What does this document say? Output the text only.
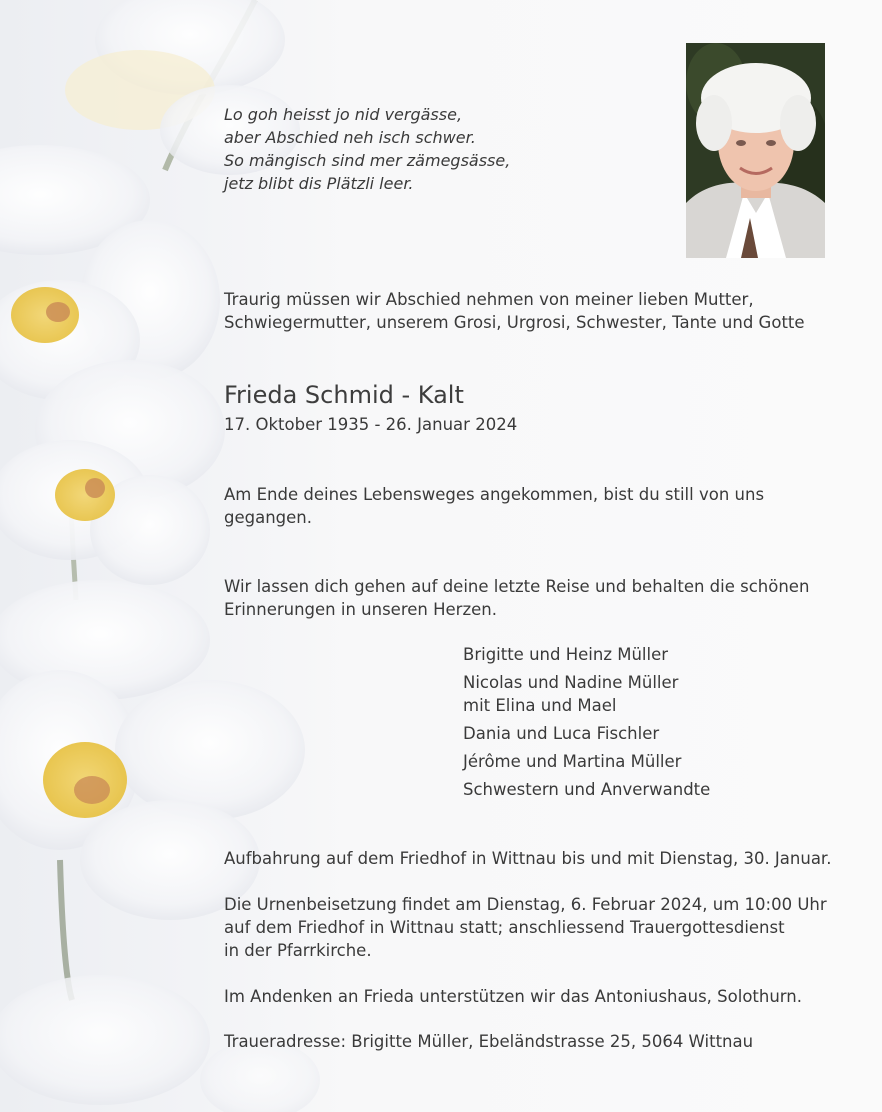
Lo goh heisst jo nid vergässe,
aber Abschied neh isch schwer.
So mängisch sind mer zämegsässe,
jetz blibt dis Plätzli leer.
Traurig müssen wir Abschied nehmen von meiner lieben Mutter,
Schwiegermutter, unserem Grosi, Urgrosi, Schwester, Tante und Gotte
Frieda Schmid - Kalt
17. Oktober 1935 - 26. Januar 2024
Am Ende deines Lebensweges angekommen, bist du still von uns
gegangen.
Wir lassen dich gehen auf deine letzte Reise und behalten die schönen
Erinnerungen in unseren Herzen.
Brigitte und Heinz Müller
Nicolas und Nadine Müller
mit Elina und Mael
Dania und Luca Fischler
Jérôme und Martina Müller
Schwestern und Anverwandte
Aufbahrung auf dem Friedhof in Wittnau bis und mit Dienstag, 30. Januar.
Die Urnenbeisetzung findet am Dienstag, 6. Februar 2024, um 10:00 Uhr
auf dem Friedhof in Wittnau statt; anschliessend Trauergottesdienst
in der Pfarrkirche.
Im Andenken an Frieda unterstützen wir das Antoniushaus, Solothurn.
Traueradresse: Brigitte Müller, Ebeländstrasse 25, 5064 Wittnau
